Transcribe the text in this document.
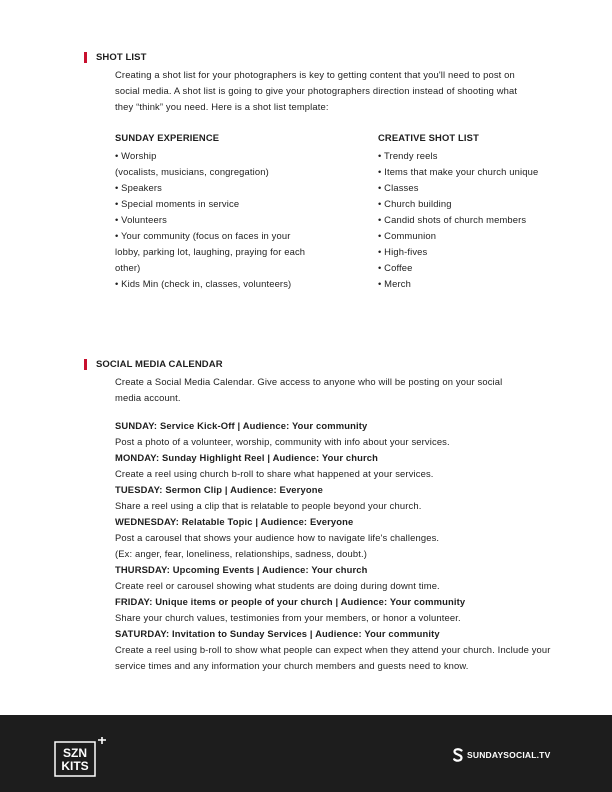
SHOT LIST

Creating a shot list for your photographers is key to getting content that you'll need to post on social media. A shot list is going to give your photographers direction instead of shooting what they “think” you need. Here is a shot list template:

SUNDAY EXPERIENCE
• Worship
(vocalists, musicians, congregation)
• Speakers
• Special moments in service
• Volunteers
• Your community (focus on faces in your
lobby, parking lot, laughing, praying for each
other)
• Kids Min (check in, classes, volunteers)
CREATIVE SHOT LIST
• Trendy reels
• Items that make your church unique
• Classes
• Church building
• Candid shots of church members
• Communion
• High-fives
• Coffee
• Merch
SOCIAL MEDIA CALENDAR

Create a Social Media Calendar. Give access to anyone who will be posting on your social media account.

SUNDAY: Service Kick-Off | Audience: Your community

Post a photo of a volunteer, worship, community with info about your services.

MONDAY: Sunday Highlight Reel | Audience: Your church

Create a reel using church b-roll to share what happened at your services.

TUESDAY: Sermon Clip | Audience: Everyone

Share a reel using a clip that is relatable to people beyond your church.

WEDNESDAY: Relatable Topic | Audience: Everyone

Post a carousel that shows your audience how to navigate life's challenges.

(Ex: anger, fear, loneliness, relationships, sadness, doubt.)

THURSDAY: Upcoming Events | Audience: Your church

Create reel or carousel showing what students are doing during downt time.

FRIDAY: Unique items or people of your church | Audience: Your community

Share your church values, testimonies from your members, or honor a volunteer.

SATURDAY: Invitation to Sunday Services | Audience: Your community

Create a reel using b-roll to show what people can expect when they attend your church. Include your service times and any information your church members and guests need to know.

SZN
KITS
SUNDAYSOCIAL.TV
